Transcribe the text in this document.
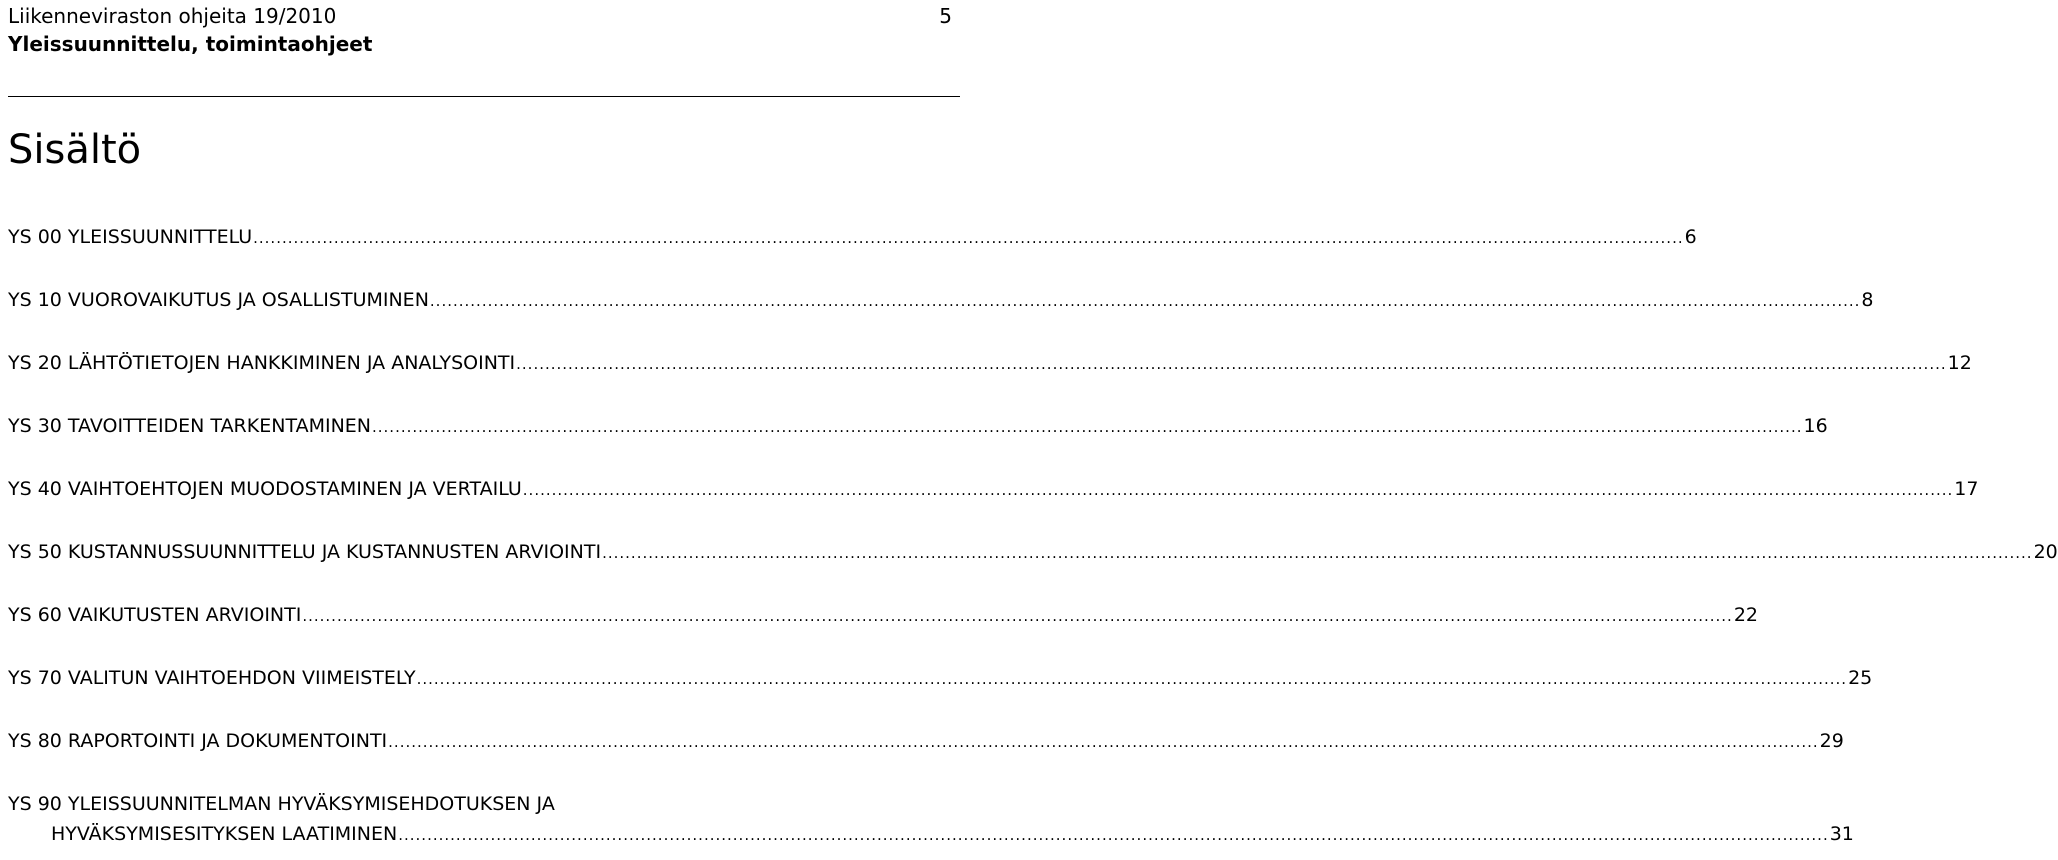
Liikenneviraston ohjeita 19/2010
Yleissuunnittelu, toimintaohjeet
5
Sisältö
YS 00 YLEISSUUNNITTELU ........................................................................................................................................................................................................................................................ 6
YS 10 VUOROVAIKUTUS JA OSALLISTUMINEN ........................................................................................................................................................................................................................................................ 8
YS 20 LÄHTÖTIETOJEN HANKKIMINEN JA ANALYSOINTI ........................................................................................................................................................................................................................................................ 12
YS 30 TAVOITTEIDEN TARKENTAMINEN ........................................................................................................................................................................................................................................................ 16
YS 40 VAIHTOEHTOJEN MUODOSTAMINEN JA VERTAILU ........................................................................................................................................................................................................................................................ 17
YS 50 KUSTANNUSSUUNNITTELU JA KUSTANNUSTEN ARVIOINTI ........................................................................................................................................................................................................................................................ 20
YS 60 VAIKUTUSTEN ARVIOINTI ........................................................................................................................................................................................................................................................ 22
YS 70 VALITUN VAIHTOEHDON VIIMEISTELY ........................................................................................................................................................................................................................................................ 25
YS 80 RAPORTOINTI JA DOKUMENTOINTI ........................................................................................................................................................................................................................................................ 29
YS 90 YLEISSUUNNITELMAN HYVÄKSYMISEHDOTUKSEN JA
HYVÄKSYMISESITYKSEN LAATIMINEN ........................................................................................................................................................................................................................................................ 31
